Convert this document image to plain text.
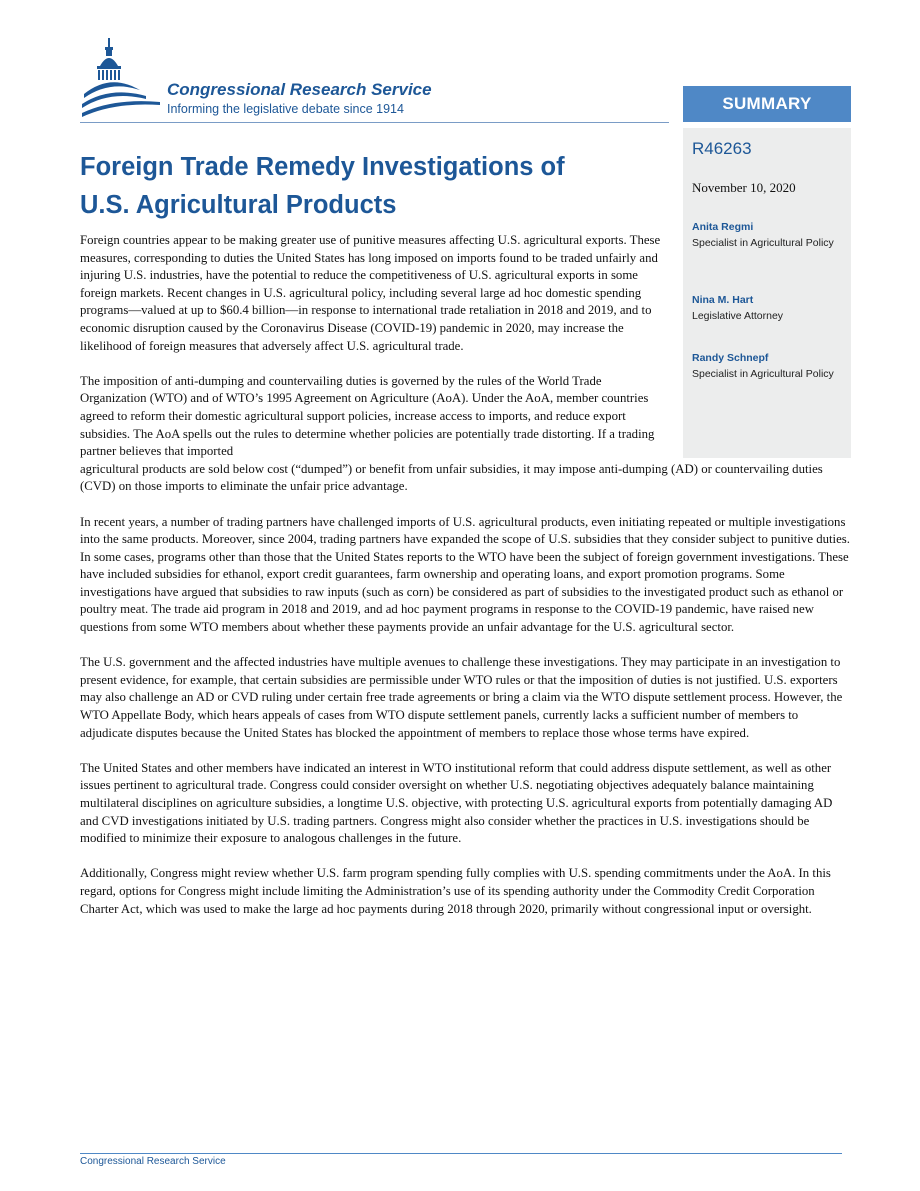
Congressional Research Service
Informing the legislative debate since 1914	SUMMARY
R46263
November 10, 2020
Anita Regmi
Specialist in Agricultural Policy
Nina M. Hart
Legislative Attorney
Randy Schnepf
Specialist in Agricultural Policy
Foreign Trade Remedy Investigations of
U.S. Agricultural Products

Foreign countries appear to be making greater use of punitive measures affecting U.S. agricultural exports. These measures, corresponding to duties the United States has long imposed on imports found to be traded unfairly and injuring U.S. industries, have the potential to reduce the competitiveness of U.S. agricultural exports in some foreign markets. Recent changes in U.S. agricultural policy, including several large ad hoc domestic spending programs—valued at up to $60.4 billion—in response to international trade retaliation in 2018 and 2019, and to economic disruption caused by the Coronavirus Disease (COVID-19) pandemic in 2020, may increase the likelihood of foreign measures that adversely affect U.S. agricultural trade.

The imposition of anti-dumping and countervailing duties is governed by the rules of the World Trade Organization (WTO) and of WTO’s 1995 Agreement on Agriculture (AoA). Under the AoA, member countries agreed to reform their domestic agricultural support policies, increase access to imports, and reduce export subsidies. The AoA spells out the rules to determine whether policies are potentially trade distorting. If a trading partner believes that imported

agricultural products are sold below cost (“dumped”) or benefit from unfair subsidies, it may impose anti-dumping (AD) or countervailing duties (CVD) on those imports to eliminate the unfair price advantage.

In recent years, a number of trading partners have challenged imports of U.S. agricultural products, even initiating repeated or multiple investigations into the same products. Moreover, since 2004, trading partners have expanded the scope of U.S. subsidies that they consider subject to punitive duties. In some cases, programs other than those that the United States reports to the WTO have been the subject of foreign government investigations. These have included subsidies for ethanol, export credit guarantees, farm ownership and operating loans, and export promotion programs. Some investigations have argued that subsidies to raw inputs (such as corn) be considered as part of subsidies to the investigated product such as ethanol or poultry meat. The trade aid program in 2018 and 2019, and ad hoc payment programs in response to the COVID-19 pandemic, have raised new questions from some WTO members about whether these payments provide an unfair advantage for the U.S. agricultural sector.

The U.S. government and the affected industries have multiple avenues to challenge these investigations. They may participate in an investigation to present evidence, for example, that certain subsidies are permissible under WTO rules or that the imposition of duties is not justified. U.S. exporters may also challenge an AD or CVD ruling under certain free trade agreements or bring a claim via the WTO dispute settlement process. However, the WTO Appellate Body, which hears appeals of cases from WTO dispute settlement panels, currently lacks a sufficient number of members to adjudicate disputes because the United States has blocked the appointment of members to replace those whose terms have expired.

The United States and other members have indicated an interest in WTO institutional reform that could address dispute settlement, as well as other issues pertinent to agricultural trade. Congress could consider oversight on whether U.S. negotiating objectives adequately balance maintaining multilateral disciplines on agriculture subsidies, a longtime U.S. objective, with protecting U.S. agricultural exports from potentially damaging AD and CVD investigations initiated by U.S. trading partners. Congress might also consider whether the practices in U.S. investigations should be modified to minimize their exposure to analogous challenges in the future.

Additionally, Congress might review whether U.S. farm program spending fully complies with U.S. spending commitments under the AoA. In this regard, options for Congress might include limiting the Administration’s use of its spending authority under the Commodity Credit Corporation Charter Act, which was used to make the large ad hoc payments during 2018 through 2020, primarily without congressional input or oversight.

Congressional Research Service
